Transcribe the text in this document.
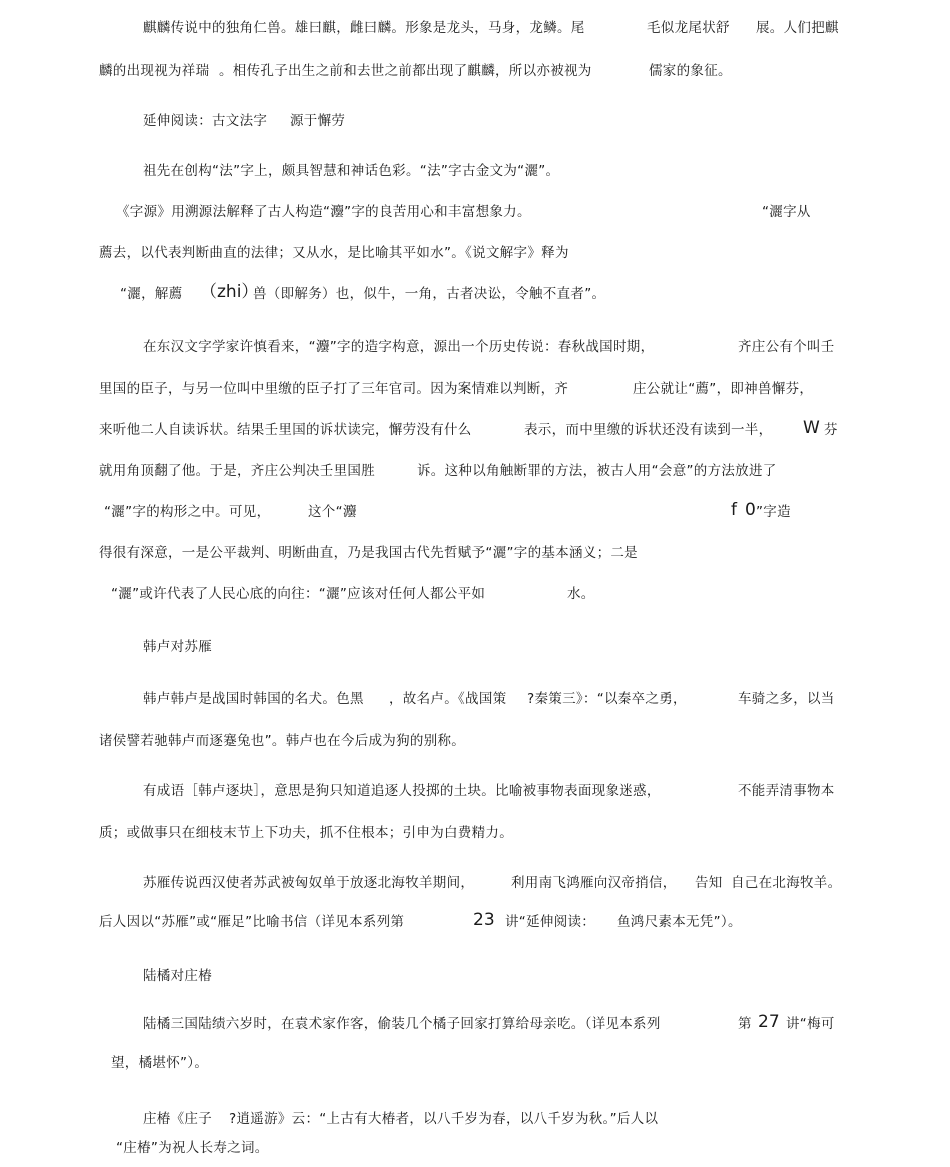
麒麟传说中的独角仁兽。雄曰麒，雌曰麟。形象是龙头，马身，龙鳞。尾	毛似龙尾状舒 展。人们把麒
麟的出现视为祥瑞 。相传孔子出生之前和去世之前都出现了麒麟，所以亦被视为	儒家的象征。
延伸阅读：古文法字 源于懈劳
祖先在创构“法”字上，颇具智慧和神话色彩。“法”字古金文为“灑”。
《字源》用溯源法解释了古人构造“灋”字的良苦用心和丰富想象力。	“灑字从
薦去，以代表判断曲直的法律；又从水，是比喻其平如水”。《说文解字》释为
“灑，解薦 （zhi）
兽（即解务）也，似牛，一角，古者决讼，令触不直者”。
在东汉文字学家许慎看来，“灋”字的造字构意，源出一个历史传说：春秋战国时期，	齐庄公有个叫壬
里国的臣子，与另一位叫中里缴的臣子打了三年官司。因为案情难以判断，齐	庄公就让“薦”，即神兽懈芬，
来听他二人自读诉状。结果壬里国的诉状读完，懈劳没有什么	表示，而中里缴的诉状还没有读到一半， W 芬
就用角顶翻了他。于是，齐庄公判决壬里国胜	诉。这种以角触断罪的方法，被古人用“会意”的方法放进了
“灑”字的构形之中。可见，	这个“灋	f 0 ”字造
得很有深意，一是公平裁判、明断曲直，乃是我国古代先哲赋予“灑”字的基本涵义；二是
“灑”或许代表了人民心底的向往：“灑”应该对任何人都公平如	水。
韩卢对苏雁
韩卢韩卢是战国时韩国的名犬。色黑 ，故名卢。《战国策 ?秦策三》：“以秦卒之勇，	车骑之多，以当
诸侯譬若驰韩卢而逐蹇兔也”。韩卢也在今后成为狗的别称。
有成语［韩卢逐块］，意思是狗只知道追逐人投掷的土块。比喻被事物表面现象迷惑，	不能弄清事物本
质；或做事只在细枝末节上下功夫，抓不住根本；引申为白费精力。
苏雁传说西汉使者苏武被匈奴单于放逐北海牧羊期间，	利用南飞鸿雁向汉帝捎信， 告知 自己在北海牧羊。
后人因以“苏雁”或“雁足”比喻书信（详见本系列第	23 讲“延伸阅读： 鱼鸿尺素本无凭”）。
陆橘对庄椿
陆橘三国陆绩六岁时，在袁术家作客，偷装几个橘子回家打算给母亲吃。（详见本系列	第 27 讲“梅可
望，橘堪怀”）。
庄椿《庄子 ?逍遥游》云：“上古有大椿者，以八千岁为春，以八千岁为秋。”后人以
“庄椿”为祝人长寿之词。
